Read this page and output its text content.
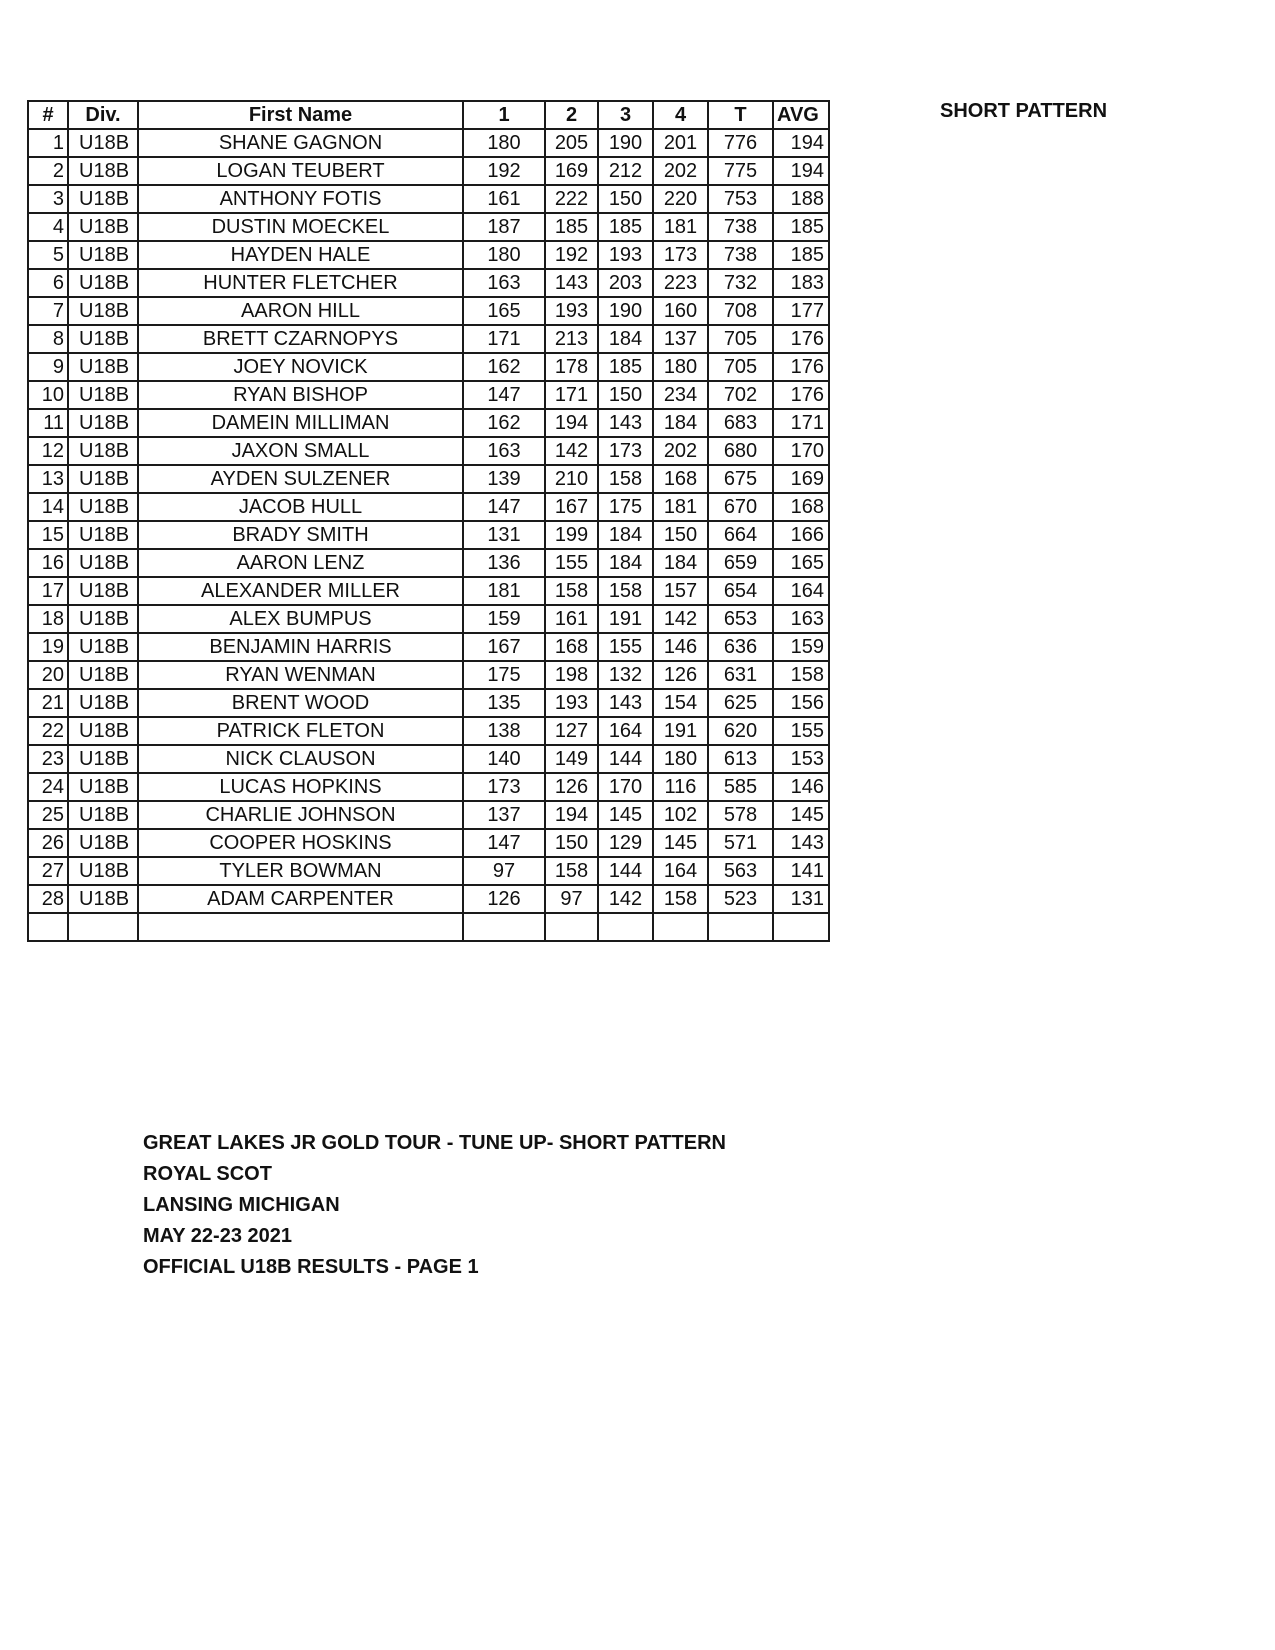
#	Div.	First Name	1	2	3	4	T	AVG
1	U18B	SHANE GAGNON	180	205	190	201	776	194
2	U18B	LOGAN TEUBERT	192	169	212	202	775	194
3	U18B	ANTHONY FOTIS	161	222	150	220	753	188
4	U18B	DUSTIN MOECKEL	187	185	185	181	738	185
5	U18B	HAYDEN HALE	180	192	193	173	738	185
6	U18B	HUNTER FLETCHER	163	143	203	223	732	183
7	U18B	AARON HILL	165	193	190	160	708	177
8	U18B	BRETT CZARNOPYS	171	213	184	137	705	176
9	U18B	JOEY NOVICK	162	178	185	180	705	176
10	U18B	RYAN BISHOP	147	171	150	234	702	176
11	U18B	DAMEIN MILLIMAN	162	194	143	184	683	171
12	U18B	JAXON SMALL	163	142	173	202	680	170
13	U18B	AYDEN SULZENER	139	210	158	168	675	169
14	U18B	JACOB HULL	147	167	175	181	670	168
15	U18B	BRADY SMITH	131	199	184	150	664	166
16	U18B	AARON LENZ	136	155	184	184	659	165
17	U18B	ALEXANDER MILLER	181	158	158	157	654	164
18	U18B	ALEX BUMPUS	159	161	191	142	653	163
19	U18B	BENJAMIN HARRIS	167	168	155	146	636	159
20	U18B	RYAN WENMAN	175	198	132	126	631	158
21	U18B	BRENT WOOD	135	193	143	154	625	156
22	U18B	PATRICK FLETON	138	127	164	191	620	155
23	U18B	NICK CLAUSON	140	149	144	180	613	153
24	U18B	LUCAS HOPKINS	173	126	170	116	585	146
25	U18B	CHARLIE JOHNSON	137	194	145	102	578	145
26	U18B	COOPER HOSKINS	147	150	129	145	571	143
27	U18B	TYLER BOWMAN	97	158	144	164	563	141
28	U18B	ADAM CARPENTER	126	97	142	158	523	131

SHORT PATTERN
GREAT LAKES JR GOLD TOUR - TUNE UP- SHORT PATTERN
ROYAL SCOT
LANSING MICHIGAN
MAY 22-23 2021
OFFICIAL U18B RESULTS - PAGE 1
